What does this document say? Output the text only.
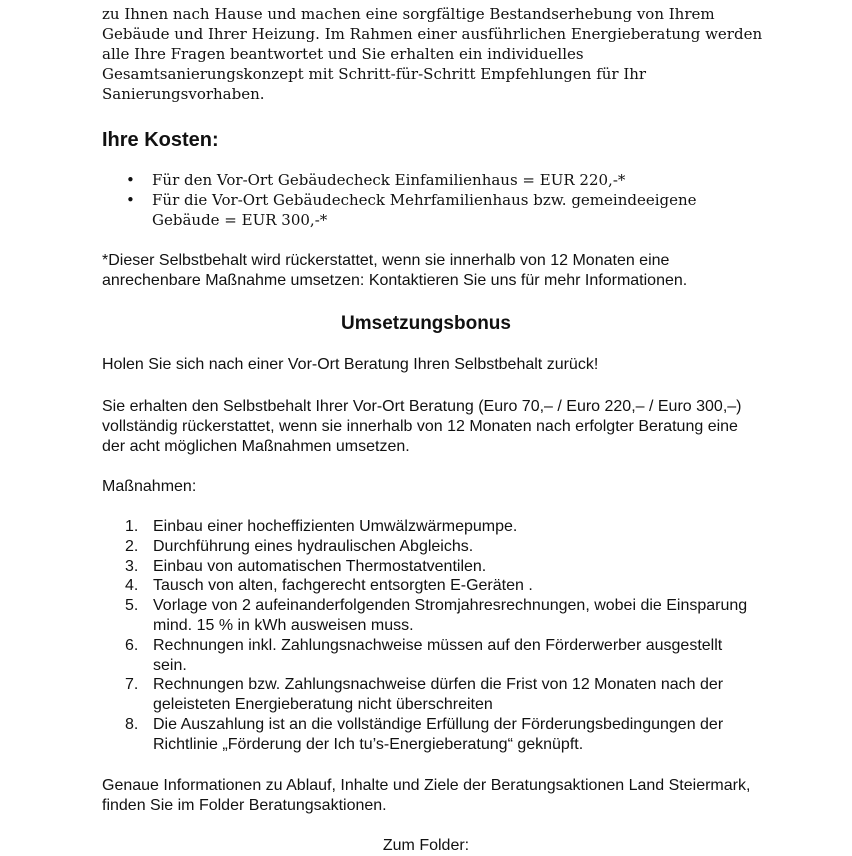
zu Ihnen nach Hause und machen eine sorgfältige Bestandserhebung von Ihrem
Gebäude und Ihrer Heizung. Im Rahmen einer ausführlichen Energieberatung werden
alle Ihre Fragen beantwortet und Sie erhalten ein individuelles
Gesamtsanierungskonzept mit Schritt-für-Schritt Empfehlungen für Ihr
Sanierungsvorhaben.
Ihre Kosten:
• Für den Vor-Ort Gebäudecheck Einfamilienhaus = EUR 220,-*
• Für die Vor-Ort Gebäudecheck Mehrfamilienhaus bzw. gemeindeeigene Gebäude = EUR 300,-*

*Dieser Selbstbehalt wird rückerstattet, wenn sie innerhalb von 12 Monaten eine anrechenbare Maßnahme umsetzen: Kontaktieren Sie uns für mehr Informationen.

Umsetzungsbonus

Holen Sie sich nach einer Vor-Ort Beratung Ihren Selbstbehalt zurück!

Sie erhalten den Selbstbehalt Ihrer Vor-Ort Beratung (Euro 70,– / Euro 220,– / Euro 300,–) vollständig rückerstattet, wenn sie innerhalb von 12 Monaten nach erfolgter Beratung eine der acht möglichen Maßnahmen umsetzen.

Maßnahmen:

1. Einbau einer hocheffizienten Umwälzwärmepumpe.
2. Durchführung eines hydraulischen Abgleichs.
3. Einbau von automatischen Thermostatventilen.
4. Tausch von alten, fachgerecht entsorgten E-Geräten .
5. Vorlage von 2 aufeinanderfolgenden Stromjahresrechnungen, wobei die Einsparung mind. 15 % in kWh ausweisen muss.
6. Rechnungen inkl. Zahlungsnachweise müssen auf den Förderwerber ausgestellt sein.
7. Rechnungen bzw. Zahlungsnachweise dürfen die Frist von 12 Monaten nach der geleisteten Energieberatung nicht überschreiten
8. Die Auszahlung ist an die vollständige Erfüllung der Förderungsbedingungen der Richtlinie „Förderung der Ich tu’s-Energieberatung“ geknüpft.

Genaue Informationen zu Ablauf, Inhalte und Ziele der Beratungsaktionen Land Steiermark, finden Sie im Folder Beratungsaktionen.

Zum Folder:
